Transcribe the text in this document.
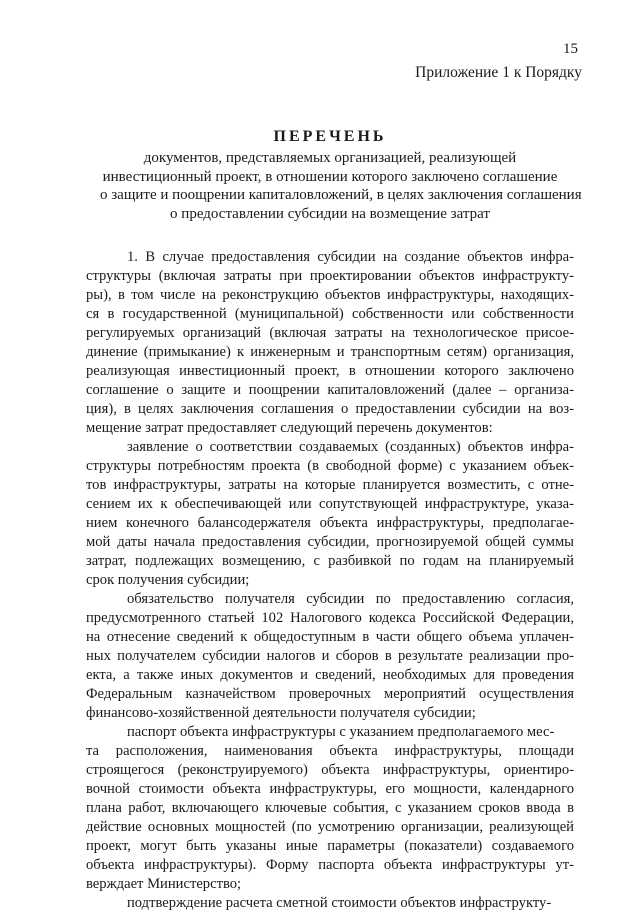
15
Приложение 1 к Порядку
ПЕРЕЧЕНЬ
документов, представляемых организацией, реализующей
инвестиционный проект, в отношении которого заключено соглашение
о защите и поощрении капиталовложений, в целях заключения соглашения
о предоставлении субсидии на возмещение затрат
1. В случае предоставления субсидии на создание объектов инфра-
структуры (включая затраты при проектировании объектов инфраструкту-
ры), в том числе на реконструкцию объектов инфраструктуры, находящих-
ся в государственной (муниципальной) собственности или собственности
регулируемых организаций (включая затраты на технологическое присое-
динение (примыкание) к инженерным и транспортным сетям) организация,
реализующая инвестиционный проект, в отношении которого заключено
соглашение о защите и поощрении капиталовложений (далее – организа-
ция), в целях заключения соглашения о предоставлении субсидии на воз-
мещение затрат предоставляет следующий перечень документов:
заявление о соответствии создаваемых (созданных) объектов инфра-
структуры потребностям проекта (в свободной форме) с указанием объек-
тов инфраструктуры, затраты на которые планируется возместить, с отне-
сением их к обеспечивающей или сопутствующей инфраструктуре, указа-
нием конечного балансодержателя объекта инфраструктуры, предполагае-
мой даты начала предоставления субсидии, прогнозируемой общей суммы
затрат, подлежащих возмещению, с разбивкой по годам на планируемый
срок получения субсидии;
обязательство получателя субсидии по предоставлению согласия,
предусмотренного статьей 102 Налогового кодекса Российской Федерации,
на отнесение сведений к общедоступным в части общего объема уплачен-
ных получателем субсидии налогов и сборов в результате реализации про-
екта, а также иных документов и сведений, необходимых для проведения
Федеральным казначейством проверочных мероприятий осуществления
финансово-хозяйственной деятельности получателя субсидии;
паспорт объекта инфраструктуры с указанием предполагаемого мес-
та расположения, наименования объекта инфраструктуры, площади
строящегося (реконструируемого) объекта инфраструктуры, ориентиро-
вочной стоимости объекта инфраструктуры, его мощности, календарного
плана работ, включающего ключевые события, с указанием сроков ввода в
действие основных мощностей (по усмотрению организации, реализующей
проект, могут быть указаны иные параметры (показатели) создаваемого
объекта инфраструктуры). Форму паспорта объекта инфраструктуры ут-
верждает Министерство;
подтверждение расчета сметной стоимости объектов инфраструкту-
